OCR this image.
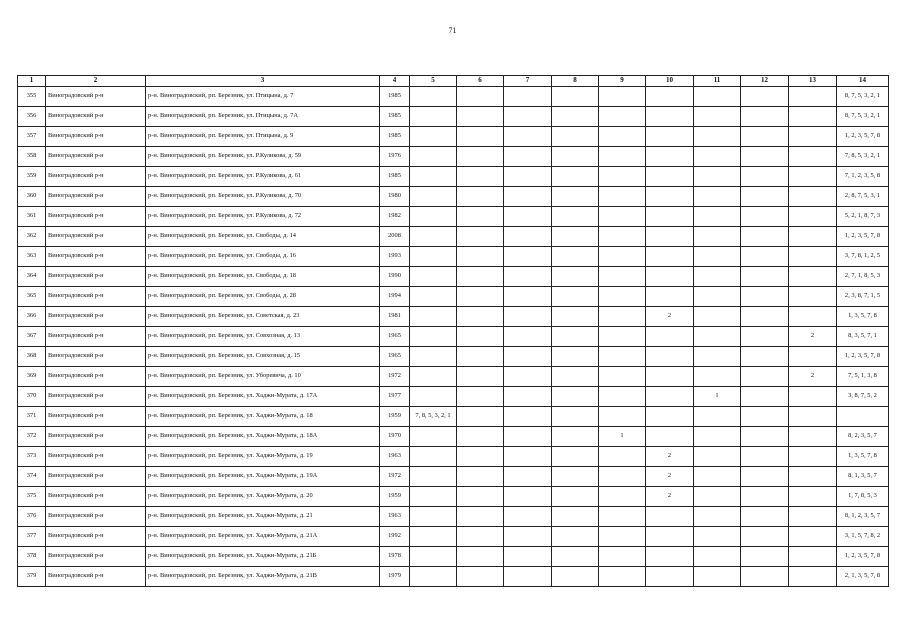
71
1	2	3	4	5	6	7	8	9	10	11	12	13	14
355	Виноградовский р-н	р-н. Виноградовский, рп. Березник, ул. Птицына, д. 7	1985										8, 7, 5, 3, 2, 1
356	Виноградовский р-н	р-н. Виноградовский, рп. Березник, ул. Птицына, д. 7А	1985										8, 7, 5, 3, 2, 1
357	Виноградовский р-н	р-н. Виноградовский, рп. Березник, ул. Птицына, д. 9	1985										1, 2, 3, 5, 7, 8
358	Виноградовский р-н	р-н. Виноградовский, рп. Березник, ул. Р.Куликова, д. 59	1976										7, 8, 5, 3, 2, 1
359	Виноградовский р-н	р-н. Виноградовский, рп. Березник, ул. Р.Куликова, д. 61	1985										7, 1, 2, 3, 5, 8
360	Виноградовский р-н	р-н. Виноградовский, рп. Березник, ул. Р.Куликова, д. 70	1980										2, 8, 7, 5, 3, 1
361	Виноградовский р-н	р-н. Виноградовский, рп. Березник, ул. Р.Куликова, д. 72	1982										5, 2, 1, 8, 7, 3
362	Виноградовский р-н	р-н. Виноградовский, рп. Березник, ул. Свободы, д. 14	2008										1, 2, 3, 5, 7, 8
363	Виноградовский р-н	р-н. Виноградовский, рп. Березник, ул. Свободы, д. 16	1993										3, 7, 8, 1, 2, 5
364	Виноградовский р-н	р-н. Виноградовский, рп. Березник, ул. Свободы, д. 18	1990										2, 7, 1, 8, 5, 3
365	Виноградовский р-н	р-н. Виноградовский, рп. Березник, ул. Свободы, д. 28	1994										2, 3, 8, 7, 1, 5
366	Виноградовский р-н	р-н. Виноградовский, рп. Березник, ул. Советская, д. 23	1981						2				1, 3, 5, 7, 8
367	Виноградовский р-н	р-н. Виноградовский, рп. Березник, ул. Совхозная, д. 13	1965									2	8, 3, 5, 7, 1
368	Виноградовский р-н	р-н. Виноградовский, рп. Березник, ул. Совхозная, д. 15	1965										1, 2, 3, 5, 7, 8
369	Виноградовский р-н	р-н. Виноградовский, рп. Березник, ул. Уборевича, д. 10	1972									2	7, 5, 1, 3, 8
370	Виноградовский р-н	р-н. Виноградовский, рп. Березник, ул. Хаджи-Мурата, д. 17А	1977							1			3, 8, 7, 5, 2
371	Виноградовский р-н	р-н. Виноградовский, рп. Березник, ул. Хаджи-Мурата, д. 18	1959	7, 8, 5, 3, 2, 1									
372	Виноградовский р-н	р-н. Виноградовский, рп. Березник, ул. Хаджи-Мурата, д. 18А	1970					1					8, 2, 3, 5, 7
373	Виноградовский р-н	р-н. Виноградовский, рп. Березник, ул. Хаджи-Мурата, д. 19	1963						2				1, 3, 5, 7, 8
374	Виноградовский р-н	р-н. Виноградовский, рп. Березник, ул. Хаджи-Мурата, д. 19А	1972						2				8, 1, 3, 5, 7
375	Виноградовский р-н	р-н. Виноградовский, рп. Березник, ул. Хаджи-Мурата, д. 20	1959						2				1, 7, 8, 5, 3
376	Виноградовский р-н	р-н. Виноградовский, рп. Березник, ул. Хаджи-Мурата, д. 21	1963										8, 1, 2, 3, 5, 7
377	Виноградовский р-н	р-н. Виноградовский, рп. Березник, ул. Хаджи-Мурата, д. 21А	1992										3, 1, 5, 7, 8, 2
378	Виноградовский р-н	р-н. Виноградовский, рп. Березник, ул. Хаджи-Мурата, д. 21Б	1978										1, 2, 3, 5, 7, 8
379	Виноградовский р-н	р-н. Виноградовский, рп. Березник, ул. Хаджи-Мурата, д. 21В	1979										2, 1, 3, 5, 7, 8
